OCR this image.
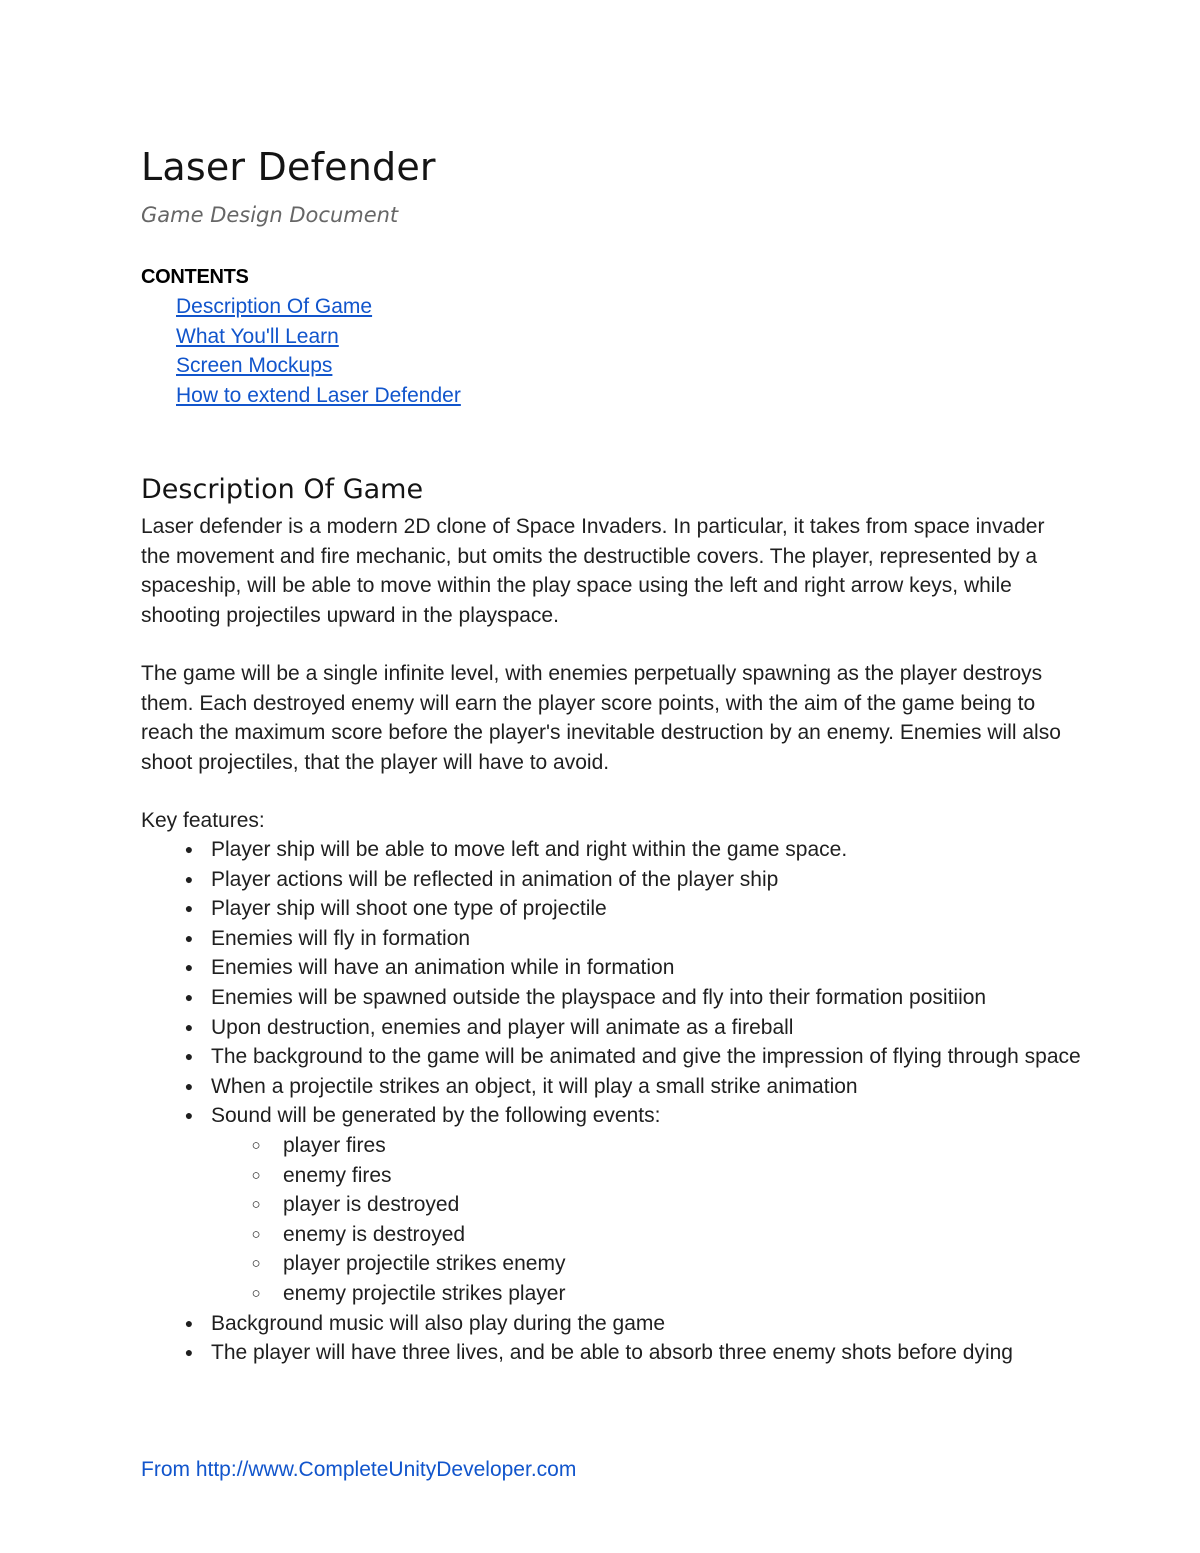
Laser Defender
Game Design Document
CONTENTS
Description Of Game
What You'll Learn
Screen Mockups
How to extend Laser Defender
Description Of Game

Laser defender is a modern 2D clone of Space Invaders. In particular, it takes from space invader the movement and fire mechanic, but omits the destructible covers. The player, represented by a spaceship, will be able to move within the play space using the left and right arrow keys, while shooting projectiles upward in the playspace.

The game will be a single infinite level, with enemies perpetually spawning as the player destroys them. Each destroyed enemy will earn the player score points, with the aim of the game being to reach the maximum score before the player's inevitable destruction by an enemy. Enemies will also shoot projectiles, that the player will have to avoid.

Key features:
● Player ship will be able to move left and right within the game space.
● Player actions will be reflected in animation of the player ship
● Player ship will shoot one type of projectile
● Enemies will fly in formation
● Enemies will have an animation while in formation
● Enemies will be spawned outside the playspace and fly into their formation positiion
● Upon destruction, enemies and player will animate as a fireball
● The background to the game will be animated and give the impression of flying through space
● When a projectile strikes an object, it will play a small strike animation
● Sound will be generated by the following events:
○ player fires
○ enemy fires
○ player is destroyed
○ enemy is destroyed
○ player projectile strikes enemy
○ enemy projectile strikes player
● Background music will also play during the game
● The player will have three lives, and be able to absorb three enemy shots before dying
From http://www.CompleteUnityDeveloper.com
